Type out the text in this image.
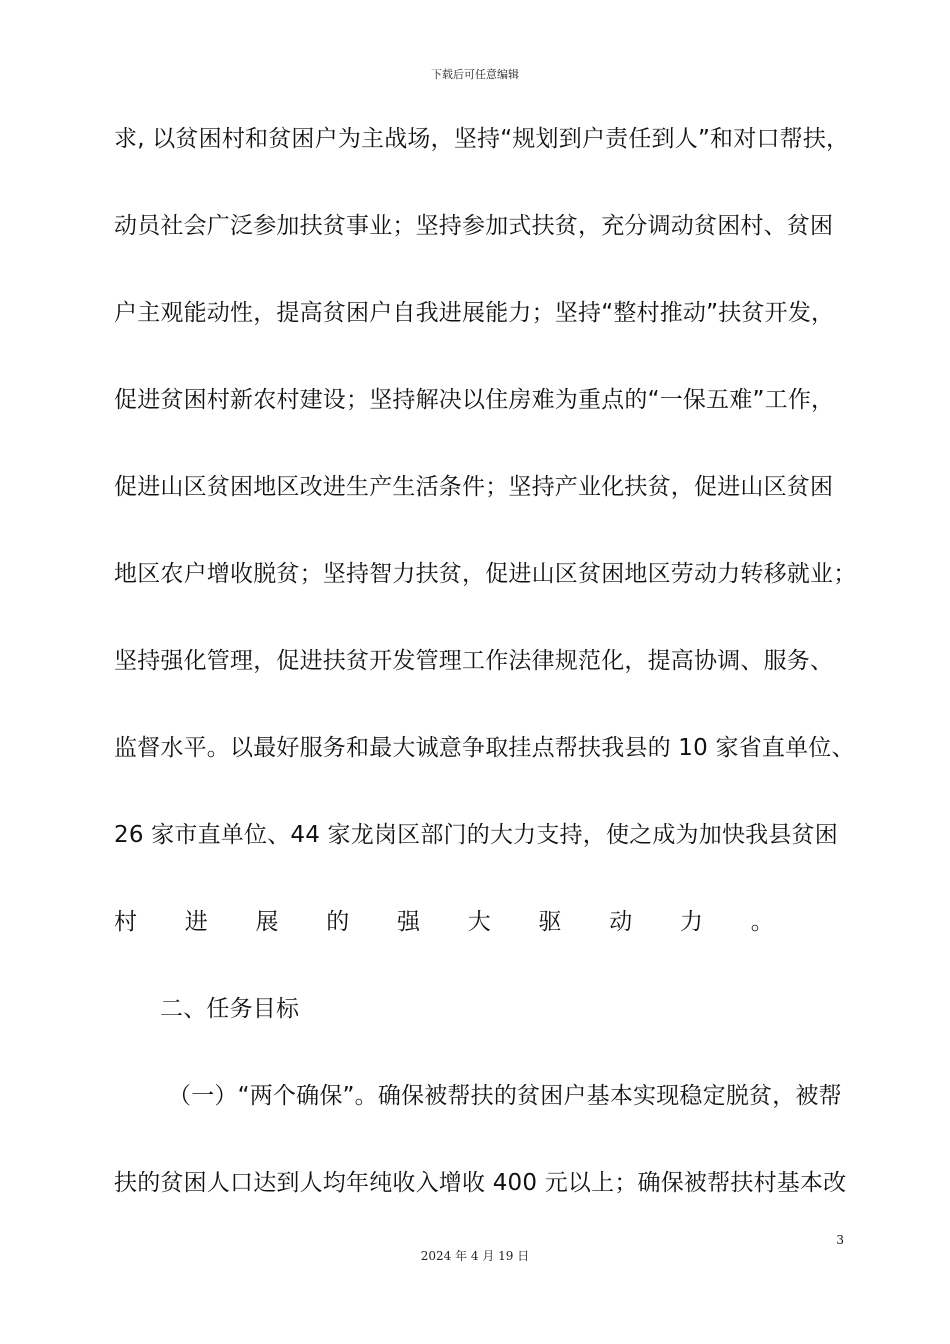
下载后可任意编辑
求, 以贫困村和贫困户为主战场，坚持“规划到户责任到人”和对口帮扶，
动员社会广泛参加扶贫事业；坚持参加式扶贫，充分调动贫困村、贫困
户主观能动性，提高贫困户自我进展能力；坚持“整村推动”扶贫开发，
促进贫困村新农村建设；坚持解决以住房难为重点的“一保五难”工作，
促进山区贫困地区改进生产生活条件；坚持产业化扶贫，促进山区贫困
地区农户增收脱贫；坚持智力扶贫，促进山区贫困地区劳动力转移就业；
坚持强化管理，促进扶贫开发管理工作法律规范化，提高协调、服务、
监督水平。以最好服务和最大诚意争取挂点帮扶我县的 10 家省直单位、
26 家市直单位、44 家龙岗区部门的大力支持，使之成为加快我县贫困
村 进 展 的 强 大 驱 动 力 。
二、任务目标
（一）“两个确保”。确保被帮扶的贫困户基本实现稳定脱贫，被帮
扶的贫困人口达到人均年纯收入增收 400 元以上；确保被帮扶村基本改
3
2024 年 4 月 19 日
